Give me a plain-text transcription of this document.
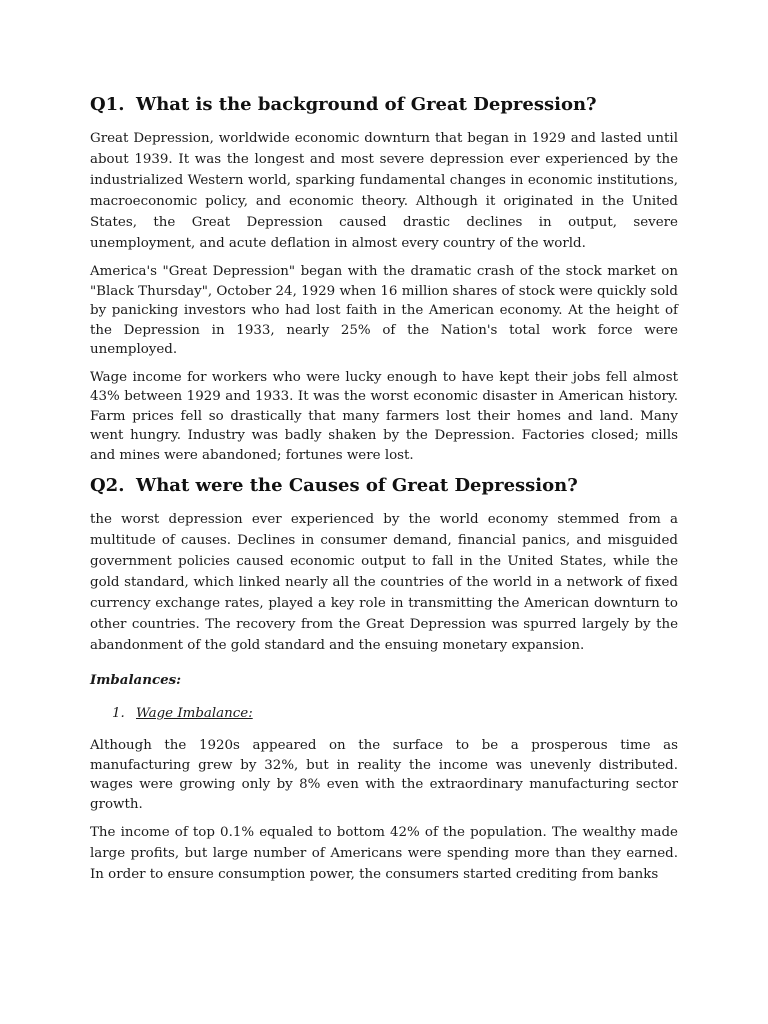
Q1. What is the background of Great Depression?

Great Depression, worldwide economic downturn that began in 1929 and lasted until about 1939. It was the longest and most severe depression ever experienced by the industrialized Western world, sparking fundamental changes in economic institutions, macroeconomic policy, and economic theory. Although it originated in the United States, the Great Depression caused drastic declines in output, severe unemployment, and acute deflation in almost every country of the world.

America's "Great Depression" began with the dramatic crash of the stock market on "Black Thursday", October 24, 1929 when 16 million shares of stock were quickly sold by panicking investors who had lost faith in the American economy. At the height of the Depression in 1933, nearly 25% of the Nation's total work force were unemployed.

Wage income for workers who were lucky enough to have kept their jobs fell almost 43% between 1929 and 1933. It was the worst economic disaster in American history. Farm prices fell so drastically that many farmers lost their homes and land. Many went hungry. Industry was badly shaken by the Depression. Factories closed; mills and mines were abandoned; fortunes were lost.

Q2. What were the Causes of Great Depression?

the worst depression ever experienced by the world economy stemmed from a multitude of causes. Declines in consumer demand, financial panics, and misguided government policies caused economic output to fall in the United States, while the gold standard, which linked nearly all the countries of the world in a network of fixed currency exchange rates, played a key role in transmitting the American downturn to other countries. The recovery from the Great Depression was spurred largely by the abandonment of the gold standard and the ensuing monetary expansion.

Imbalances:
1. Wage Imbalance:

Although the 1920s appeared on the surface to be a prosperous time as manufacturing grew by 32%, but in reality the income was unevenly distributed. wages were growing only by 8% even with the extraordinary manufacturing sector growth.

The income of top 0.1% equaled to bottom 42% of the population. The wealthy made large profits, but large number of Americans were spending more than they earned. In order to ensure consumption power, the consumers started crediting from banks
